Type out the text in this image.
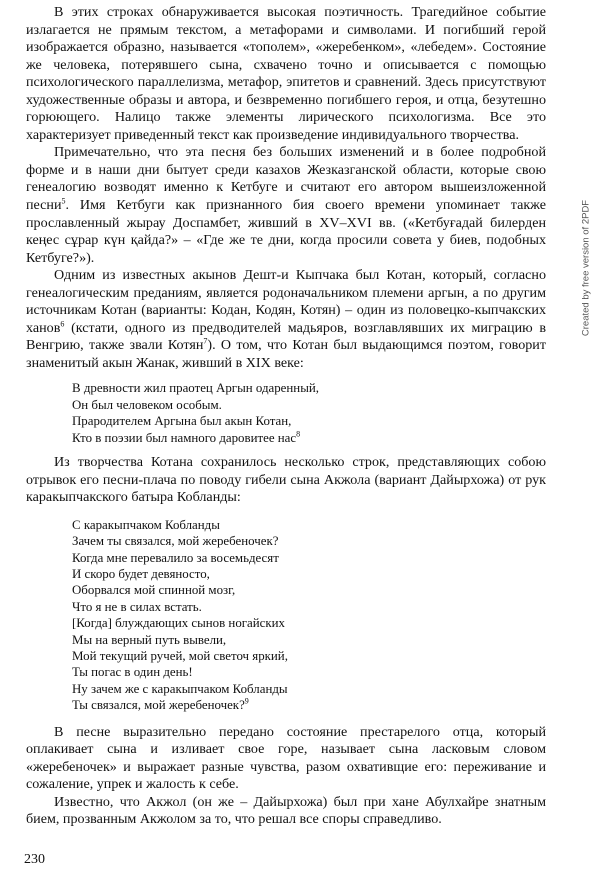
В этих строках обнаруживается высокая поэтичность. Трагедийное событие излагается не прямым текстом, а метафорами и символами. И погибший герой изображается образно, называется «тополем», «жеребенком», «лебедем». Состояние же человека, потерявшего сына, схвачено точно и описывается с помощью психологического параллелизма, метафор, эпитетов и сравнений. Здесь присутствуют художественные образы и автора, и безвременно погибшего героя, и отца, безутешно горюющего. Налицо также элементы лирического психологизма. Все это характеризует приведенный текст как произведение индивидуального творчества.

Примечательно, что эта песня без больших изменений и в более подробной форме и в наши дни бытует среди казахов Жезказганской области, которые свою генеалогию возводят именно к Кетбуге и считают его автором вышеизложенной песни$^5$. Имя Кетбуги как признанного бия своего времени упоминает также прославленный жырау Доспамбет, живший в XV–XVI вв. («Кетбуғадай билерден кеңес сұрар күн қайда?» – «Где же те дни, когда просили совета у биев, подобных Кетбуге?»).

Одним из известных акынов Дешт-и Кыпчака был Котан, который, согласно генеалогическим преданиям, является родоначальником племени аргын, а по другим источникам Котан (варианты: Кодан, Кодян, Котян) – один из половецко-кыпчакских ханов$^6$ (кстати, одного из предводителей мадьяров, возглавлявших их миграцию в Венгрию, также звали Котян$^7$). О том, что Котан был выдающимся поэтом, говорит знаменитый акын Жанак, живший в XIX веке:

В древности жил праотец Аргын одаренный,
Он был человеком особым.
Прародителем Аргына был акын Котан,
Кто в поэзии был намного даровитее нас$^8$

Из творчества Котана сохранилось несколько строк, представляющих собою отрывок его песни-плача по поводу гибели сына Акжола (вариант Дайырхожа) от рук каракыпчакского батыра Кобланды:

С каракыпчаком Кобланды
Зачем ты связался, мой жеребеночек?
Когда мне перевалило за восемьдесят
И скоро будет девяносто,
Оборвался мой спинной мозг,
Что я не в силах встать.
[Когда] блуждающих сынов ногайских
Мы на верный путь вывели,
Мой текущий ручей, мой светоч яркий,
Ты погас в один день!
Ну зачем же с каракыпчаком Кобланды
Ты связался, мой жеребеночек?$^9$

В песне выразительно передано состояние престарелого отца, который оплакивает сына и изливает свое горе, называет сына ласковым словом «жеребеночек» и выражает разные чувства, разом охвативщие его: переживание и сожаление, упрек и жалость к себе.

Известно, что Акжол (он же – Дайырхожа) был при хане Абулхайре знатным бием, прозванным Акжолом за то, что решал все споры справедливо.

230
Created by free version of 2PDF
